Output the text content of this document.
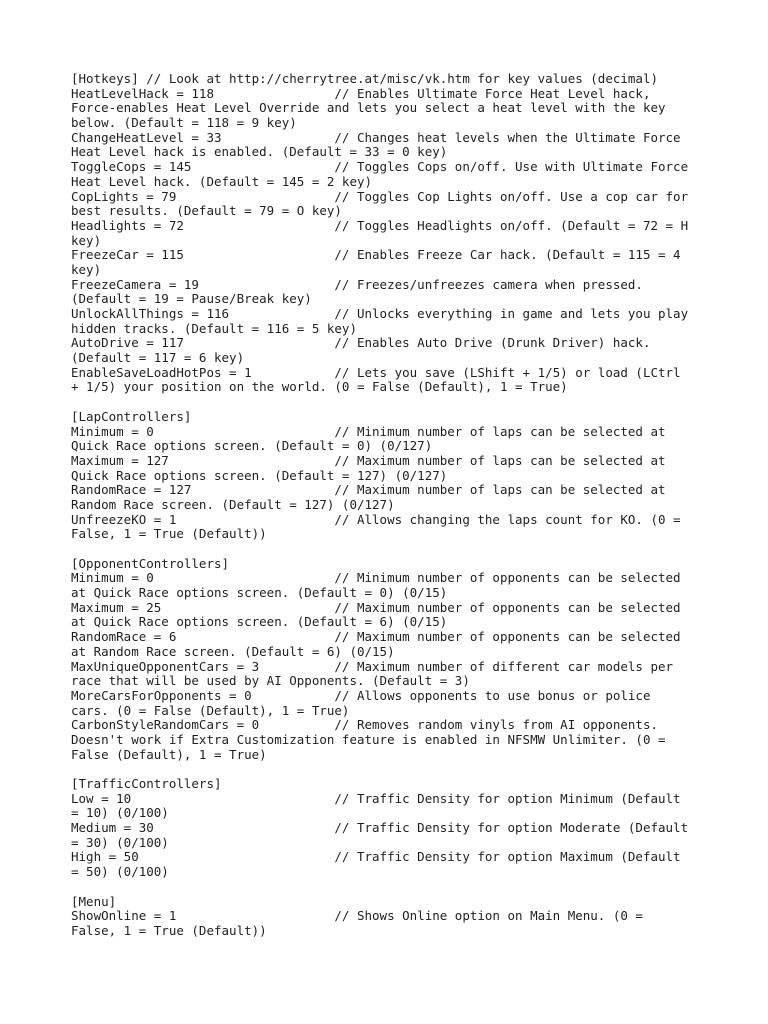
[Hotkeys] // Look at http://cherrytree.at/misc/vk.htm for key values (decimal)
HeatLevelHack = 118                // Enables Ultimate Force Heat Level hack,
Force-enables Heat Level Override and lets you select a heat level with the key
below. (Default = 118 = 9 key)
ChangeHeatLevel = 33               // Changes heat levels when the Ultimate Force
Heat Level hack is enabled. (Default = 33 = 0 key)
ToggleCops = 145                   // Toggles Cops on/off. Use with Ultimate Force
Heat Level hack. (Default = 145 = 2 key)
CopLights = 79                     // Toggles Cop Lights on/off. Use a cop car for
best results. (Default = 79 = O key)
Headlights = 72                    // Toggles Headlights on/off. (Default = 72 = H
key)
FreezeCar = 115                    // Enables Freeze Car hack. (Default = 115 = 4
key)
FreezeCamera = 19                  // Freezes/unfreezes camera when pressed.
(Default = 19 = Pause/Break key)
UnlockAllThings = 116              // Unlocks everything in game and lets you play
hidden tracks. (Default = 116 = 5 key)
AutoDrive = 117                    // Enables Auto Drive (Drunk Driver) hack.
(Default = 117 = 6 key)
EnableSaveLoadHotPos = 1           // Lets you save (LShift + 1/5) or load (LCtrl
+ 1/5) your position on the world. (0 = False (Default), 1 = True)
[LapControllers]
Minimum = 0                        // Minimum number of laps can be selected at
Quick Race options screen. (Default = 0) (0/127)
Maximum = 127                      // Maximum number of laps can be selected at
Quick Race options screen. (Default = 127) (0/127)
RandomRace = 127                   // Maximum number of laps can be selected at
Random Race screen. (Default = 127) (0/127)
UnfreezeKO = 1                     // Allows changing the laps count for KO. (0 =
False, 1 = True (Default))
[OpponentControllers]
Minimum = 0                        // Minimum number of opponents can be selected
at Quick Race options screen. (Default = 0) (0/15)
Maximum = 25                       // Maximum number of opponents can be selected
at Quick Race options screen. (Default = 6) (0/15)
RandomRace = 6                     // Maximum number of opponents can be selected
at Random Race screen. (Default = 6) (0/15)
MaxUniqueOpponentCars = 3          // Maximum number of different car models per
race that will be used by AI Opponents. (Default = 3)
MoreCarsForOpponents = 0           // Allows opponents to use bonus or police
cars. (0 = False (Default), 1 = True)
CarbonStyleRandomCars = 0          // Removes random vinyls from AI opponents.
Doesn't work if Extra Customization feature is enabled in NFSMW Unlimiter. (0 =
False (Default), 1 = True)
[TrafficControllers]
Low = 10                           // Traffic Density for option Minimum (Default
= 10) (0/100)
Medium = 30                        // Traffic Density for option Moderate (Default
= 30) (0/100)
High = 50                          // Traffic Density for option Maximum (Default
= 50) (0/100)
[Menu]
ShowOnline = 1                     // Shows Online option on Main Menu. (0 =
False, 1 = True (Default))
